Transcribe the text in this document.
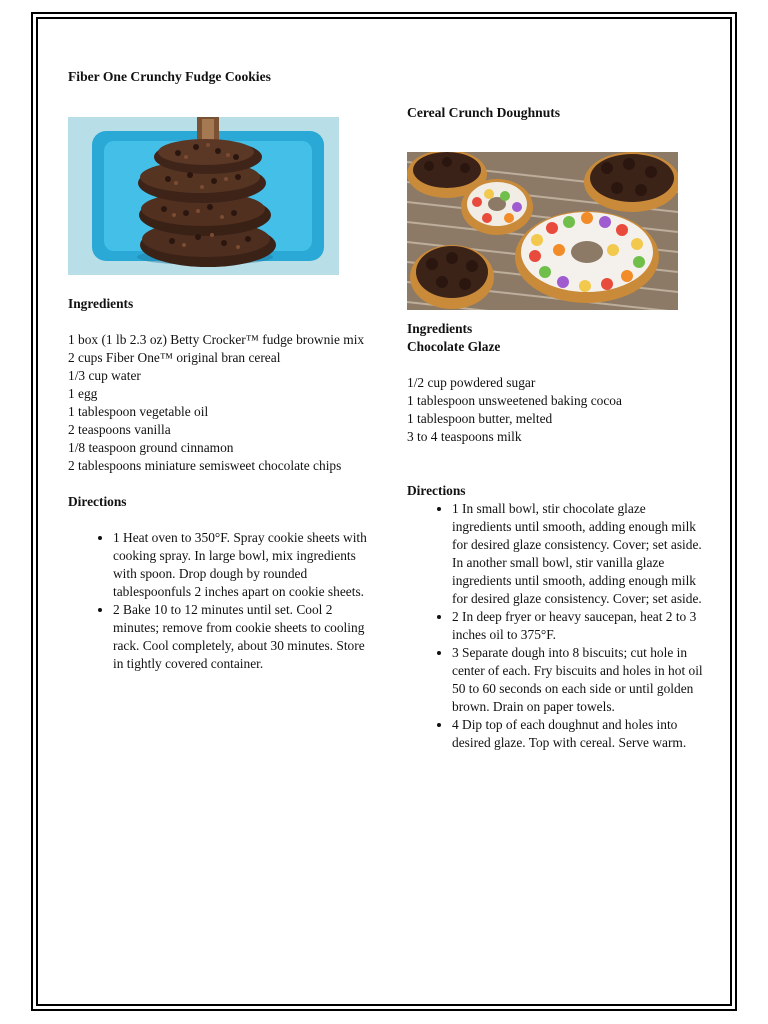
Fiber One Crunchy Fudge Cookies

Ingredients

1 box (1 lb 2.3 oz) Betty Crocker™ fudge brownie mix
2 cups Fiber One™ original bran cereal
1/3 cup water
1 egg
1 tablespoon vegetable oil
2 teaspoons vanilla
1/8 teaspoon ground cinnamon
2 tablespoons miniature semisweet chocolate chips

Directions

• 1 Heat oven to 350°F. Spray cookie sheets with cooking spray. In large bowl, mix ingredients with spoon. Drop dough by rounded tablespoonfuls 2 inches apart on cookie sheets.
• 2 Bake 10 to 12 minutes until set. Cool 2 minutes; remove from cookie sheets to cooling rack. Cool completely, about 30 minutes. Store in tightly covered container.

Cereal Crunch Doughnuts

Ingredients

Chocolate Glaze

1/2 cup powdered sugar
1 tablespoon unsweetened baking cocoa
1 tablespoon butter, melted
3 to 4 teaspoons milk

Directions

• 1 In small bowl, stir chocolate glaze ingredients until smooth, adding enough milk for desired glaze consistency. Cover; set aside. In another small bowl, stir vanilla glaze ingredients until smooth, adding enough milk for desired glaze consistency. Cover; set aside.
• 2 In deep fryer or heavy saucepan, heat 2 to 3 inches oil to 375°F.
• 3 Separate dough into 8 biscuits; cut hole in center of each. Fry biscuits and holes in hot oil 50 to 60 seconds on each side or until golden brown. Drain on paper towels.
• 4 Dip top of each doughnut and holes into desired glaze. Top with cereal. Serve warm.
